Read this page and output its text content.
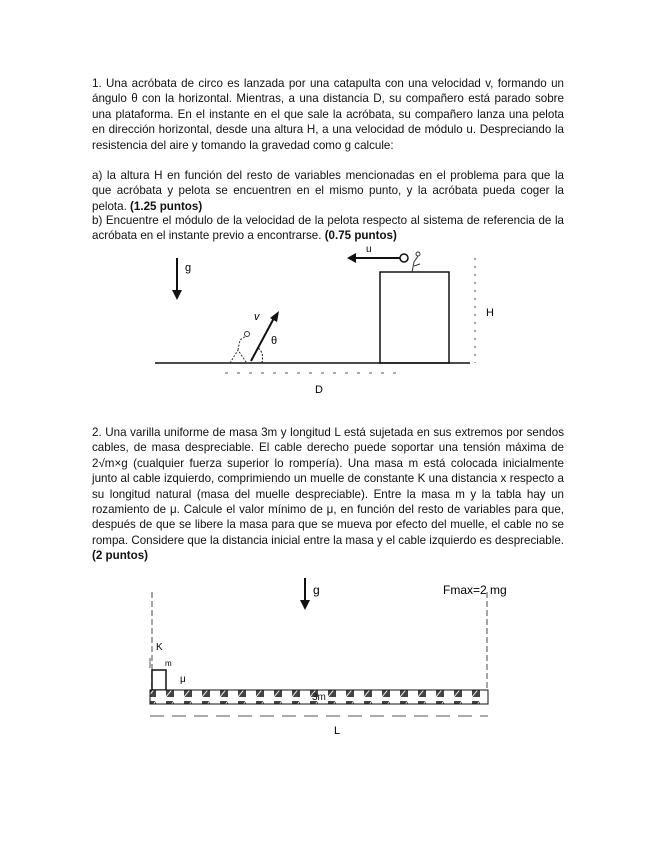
1. Una acróbata de circo es lanzada por una catapulta con una velocidad v, formando un ángulo θ con la horizontal. Mientras, a una distancia D, su compañero está parado sobre una plataforma. En el instante en el que sale la acróbata, su compañero lanza una pelota en dirección horizontal, desde una altura H, a una velocidad de módulo u. Despreciando la resistencia del aire y tomando la gravedad como g calcule:

a) la altura H en función del resto de variables mencionadas en el problema para que la que acróbata y pelota se encuentren en el mismo punto, y la acróbata pueda coger la pelota. (1.25 puntos)

b) Encuentre el módulo de la velocidad de la pelota respecto al sistema de referencia de la acróbata en el instante previo a encontrarse. (0.75 puntos)

g
v
θ
u
H
D

2. Una varilla uniforme de masa 3m y longitud L está sujetada en sus extremos por sendos cables, de masa despreciable. El cable derecho puede soportar una tensión máxima de 2√m×g (cualquier fuerza superior lo rompería). Una masa m está colocada inicialmente junto al cable izquierdo, comprimiendo un muelle de constante K una distancia x respecto a su longitud natural (masa del muelle despreciable). Entre la masa m y la tabla hay un rozamiento de μ. Calcule el valor mínimo de μ, en función del resto de variables para que, después de que se libere la masa para que se mueva por efecto del muelle, el cable no se rompa. Considere que la distancia inicial entre la masa y el cable izquierdo es despreciable. (2 puntos)

g	Fmax=2 mg
K
m
μ
3m
L
